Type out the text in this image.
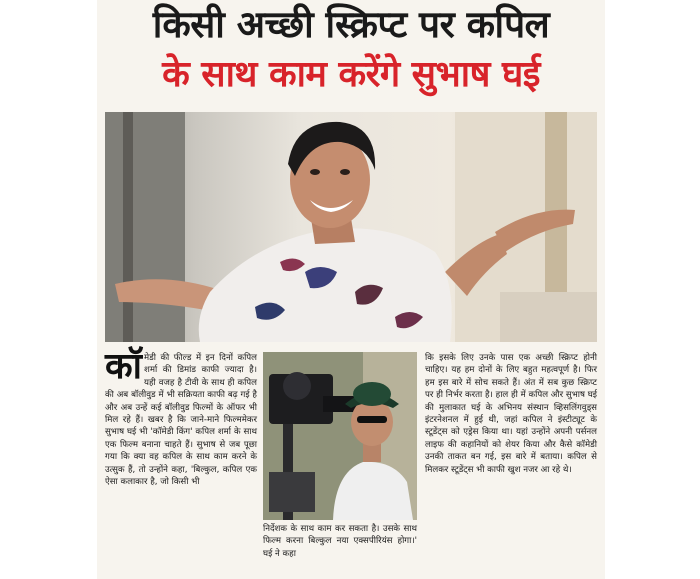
किसी अच्छी स्क्रिप्ट पर कपिल
के साथ काम करेंगे सुभाष घई

कॉमेडी की फील्ड में इन दिनों कपिल शर्मा की डिमांड काफी ज्यादा है। यही वजह है टीवी के साथ ही कपिल की अब बॉलीवुड में भी सक्रियता काफी बढ़ गई है और अब उन्हें कई बॉलीवुड फिल्मों के ऑफर भी मिल रहे हैं। खबर है कि जाने-माने फिल्ममेकर सुभाष घई भी 'कॉमेडी किंग' कपिल शर्मा के साथ एक फिल्म बनाना चाहते हैं। सुभाष से जब पूछा गया कि क्या वह कपिल के साथ काम करने के उत्सुक हैं, तो उन्होंने कहा, 'बिल्कुल, कपिल एक ऐसा कलाकार है, जो किसी भी

निर्देशक के साथ काम कर सकता है। उसके साथ फिल्म करना बिल्कुल नया एक्सपीरियंस होगा।' घई ने कहा

कि इसके लिए उनके पास एक अच्छी स्क्रिप्ट होनी चाहिए। यह हम दोनों के लिए बहुत महत्वपूर्ण है। फिर हम इस बारे में सोच सकते हैं। अंत में सब कुछ स्क्रिप्ट पर ही निर्भर करता है। हाल ही में कपिल और सुभाष घई की मुलाकात घई के अभिनय संस्थान व्हिसलिंगवुड्स इंटरनेशनल में हुई थी, जहां कपिल ने इंस्टीट्यूट के स्टूडेंट्स को एड्रेस किया था। यहां उन्होंने अपनी पर्सनल लाइफ की कहानियों को शेयर किया और कैसे कॉमेडी उनकी ताकत बन गई, इस बारे में बताया। कपिल से मिलकर स्टूडेंट्स भी काफी खुश नजर आ रहे थे।
